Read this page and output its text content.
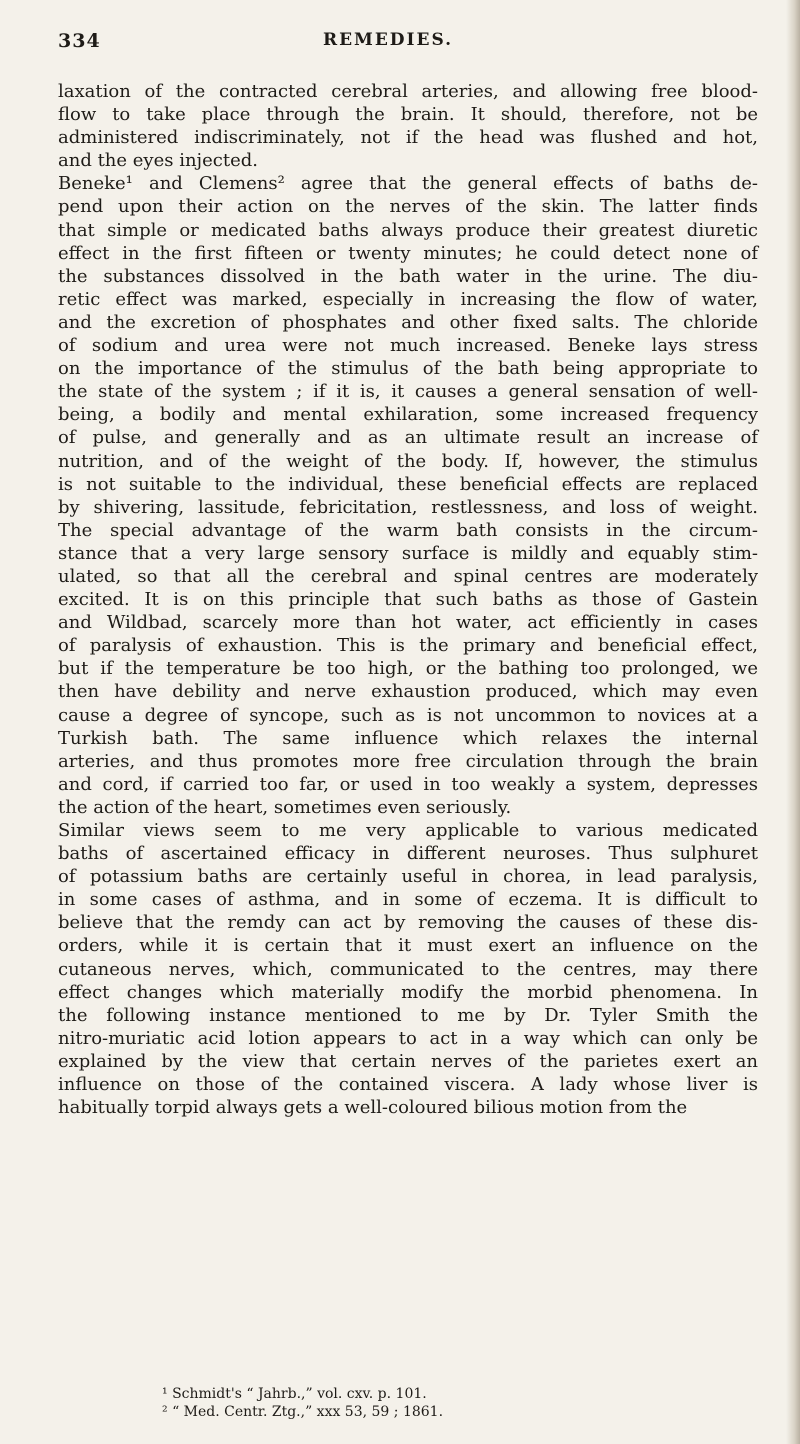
334	REMEDIES.
laxation of the contracted cerebral arteries, and allowing free blood-
flow to take place through the brain. It should, therefore, not be
administered indiscriminately, not if the head was flushed and hot,
and the eyes injected.
Beneke¹ and Clemens² agree that the general effects of baths de-
pend upon their action on the nerves of the skin. The latter finds
that simple or medicated baths always produce their greatest diuretic
effect in the first fifteen or twenty minutes; he could detect none of
the substances dissolved in the bath water in the urine. The diu-
retic effect was marked, especially in increasing the flow of water,
and the excretion of phosphates and other fixed salts. The chloride
of sodium and urea were not much increased. Beneke lays stress
on the importance of the stimulus of the bath being appropriate to
the state of the system ; if it is, it causes a general sensation of well-
being, a bodily and mental exhilaration, some increased frequency
of pulse, and generally and as an ultimate result an increase of
nutrition, and of the weight of the body. If, however, the stimulus
is not suitable to the individual, these beneficial effects are replaced
by shivering, lassitude, febricitation, restlessness, and loss of weight.
The special advantage of the warm bath consists in the circum-
stance that a very large sensory surface is mildly and equably stim-
ulated, so that all the cerebral and spinal centres are moderately
excited. It is on this principle that such baths as those of Gastein
and Wildbad, scarcely more than hot water, act efficiently in cases
of paralysis of exhaustion. This is the primary and beneficial effect,
but if the temperature be too high, or the bathing too prolonged, we
then have debility and nerve exhaustion produced, which may even
cause a degree of syncope, such as is not uncommon to novices at a
Turkish bath. The same influence which relaxes the internal
arteries, and thus promotes more free circulation through the brain
and cord, if carried too far, or used in too weakly a system, depresses
the action of the heart, sometimes even seriously.
Similar views seem to me very applicable to various medicated
baths of ascertained efficacy in different neuroses. Thus sulphuret
of potassium baths are certainly useful in chorea, in lead paralysis,
in some cases of asthma, and in some of eczema. It is difficult to
believe that the remdy can act by removing the causes of these dis-
orders, while it is certain that it must exert an influence on the
cutaneous nerves, which, communicated to the centres, may there
effect changes which materially modify the morbid phenomena. In
the following instance mentioned to me by Dr. Tyler Smith the
nitro-muriatic acid lotion appears to act in a way which can only be
explained by the view that certain nerves of the parietes exert an
influence on those of the contained viscera. A lady whose liver is
habitually torpid always gets a well-coloured bilious motion from the
¹ Schmidt's “ Jahrb.,” vol. cxv. p. 101.
² “ Med. Centr. Ztg.,” xxx 53, 59 ; 1861.
